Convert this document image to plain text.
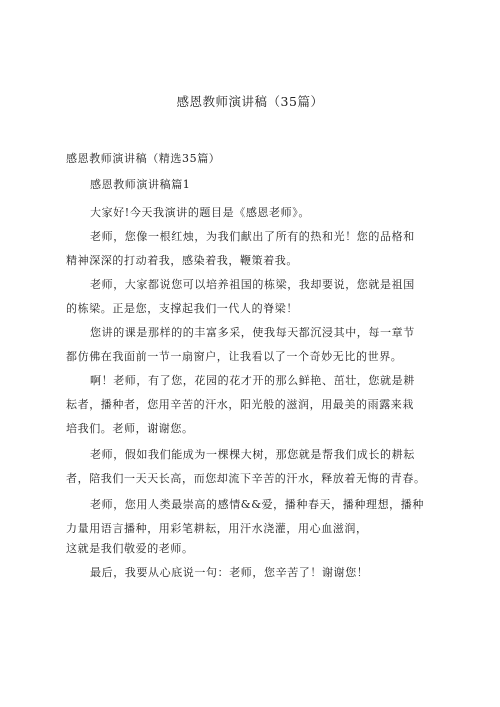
感恩教师演讲稿（35篇）
感恩教师演讲稿（精选35篇）
感恩教师演讲稿篇1
大家好!今天我演讲的题目是《感恩老师》。
老师，您像一根红烛，为我们献出了所有的热和光！您的品格和
精神深深的打动着我，感染着我，鞭策着我。
老师，大家都说您可以培养祖国的栋梁，我却要说，您就是祖国
的栋梁。正是您，支撑起我们一代人的脊梁！
您讲的课是那样的的丰富多采，使我每天都沉浸其中，每一章节
都仿佛在我面前一节一扇窗户，让我看以了一个奇妙无比的世界。
啊！老师，有了您，花园的花才开的那么鲜艳、茁壮，您就是耕
耘者，播种者，您用辛苦的汗水，阳光般的滋润，用最美的雨露来栽
培我们。老师，谢谢您。
老师，假如我们能成为一棵棵大树，那您就是帮我们成长的耕耘
者，陪我们一天天长高，而您却流下辛苦的汗水，释放着无悔的青春。
老师，您用人类最崇高的感情&&爱，播种春天，播种理想，播种
力量用语言播种，用彩笔耕耘，用汗水浇灌，用心血滋润，
这就是我们敬爱的老师。
最后，我要从心底说一句：老师，您辛苦了！谢谢您！
